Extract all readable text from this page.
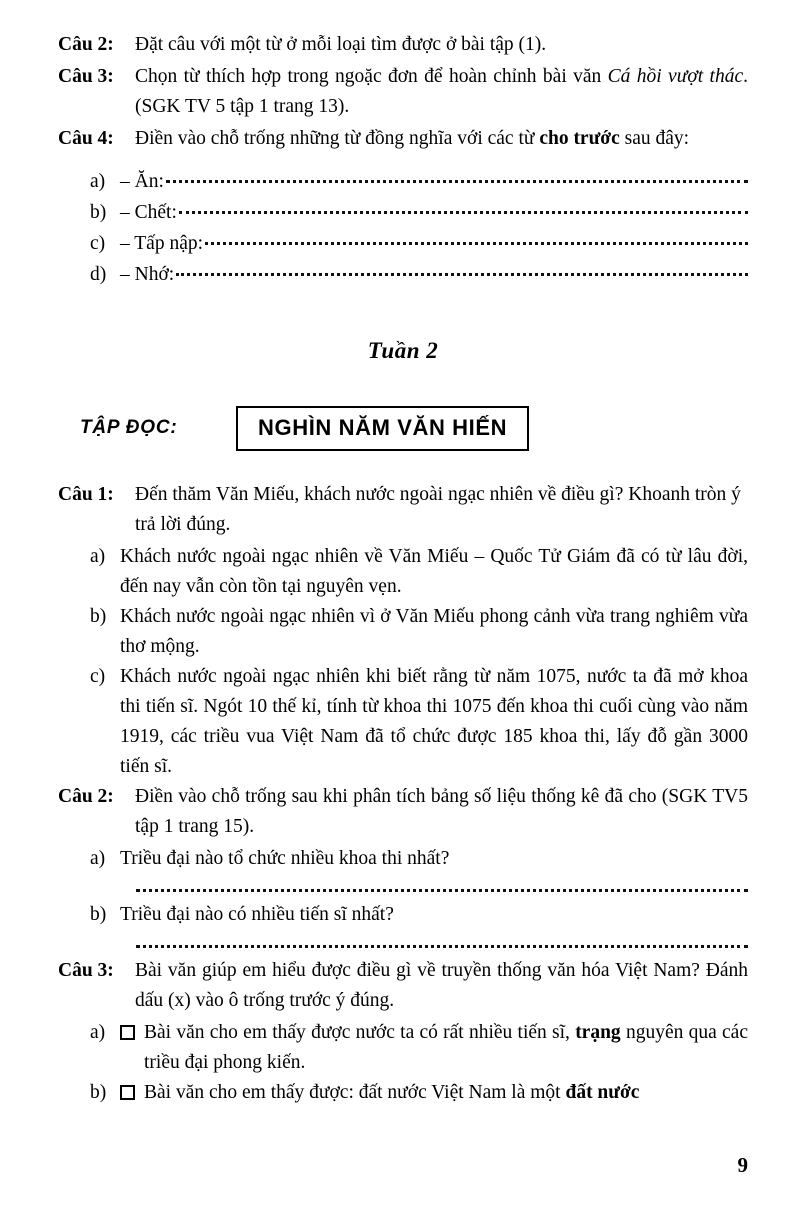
Câu 2:	Đặt câu với một từ ở mỗi loại tìm được ở bài tập (1).
Câu 3:	Chọn từ thích hợp trong ngoặc đơn để hoàn chỉnh bài văn Cá hồi vượt thác. (SGK TV 5 tập 1 trang 13).
Câu 4:	Điền vào chỗ trống những từ đồng nghĩa với các từ cho trước sau đây:
a) – Ăn:
b) – Chết:
c) – Tấp nập:
d) – Nhớ:
Tuần 2
TẬP ĐỌC:	NGHÌN NĂM VĂN HIẾN
Câu 1:	Đến thăm Văn Miếu, khách nước ngoài ngạc nhiên về điều gì? Khoanh tròn ý trả lời đúng.
a) Khách nước ngoài ngạc nhiên về Văn Miếu – Quốc Tử Giám đã có từ lâu đời, đến nay vẫn còn tồn tại nguyên vẹn.
b) Khách nước ngoài ngạc nhiên vì ở Văn Miếu phong cảnh vừa trang nghiêm vừa thơ mộng.
c) Khách nước ngoài ngạc nhiên khi biết rằng từ năm 1075, nước ta đã mở khoa thi tiến sĩ. Ngót 10 thế kỉ, tính từ khoa thi 1075 đến khoa thi cuối cùng vào năm 1919, các triều vua Việt Nam đã tổ chức được 185 khoa thi, lấy đỗ gần 3000 tiến sĩ.
Câu 2:	Điền vào chỗ trống sau khi phân tích bảng số liệu thống kê đã cho (SGK TV5 tập 1 trang 15).
a) Triều đại nào tổ chức nhiều khoa thi nhất?
b) Triều đại nào có nhiều tiến sĩ nhất?
Câu 3:	Bài văn giúp em hiểu được điều gì về truyền thống văn hóa Việt Nam? Đánh dấu (x) vào ô trống trước ý đúng.
a)	Bài văn cho em thấy được nước ta có rất nhiều tiến sĩ, trạng nguyên qua các triều đại phong kiến.
b)	Bài văn cho em thấy được: đất nước Việt Nam là một đất nước
9
